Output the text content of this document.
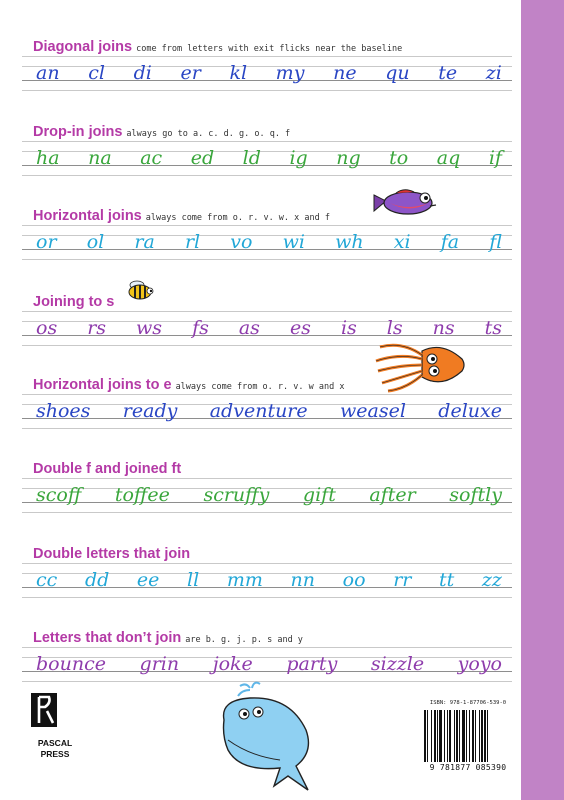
Diagonal joins come from letters with exit flicks near the baseline
an cl di er kl my ne qu te zi
Drop-in joins always go to a. c. d. g. o. q. f
ha na ac ed ld ig ng to aq if
Horizontal joins always come from o. r. v. w. x and f
or ol ra rl vo wi wh xi fa fl
Joining to s
os rs ws fs as es is ls ns ts
Horizontal joins to e always come from o. r. v. w and x
shoes ready adventure weasel deluxe
Double f and joined ft
scoff toffee scruffy gift after softly
Double letters that join
cc dd ee ll mm nn oo rr tt zz
Letters that don’t join are b. g. j. p. s and y
bounce grin joke party sizzle yoyo
PASCAL
PRESS
ISBN: 978-1-87706-539-0
9 781877 085390
